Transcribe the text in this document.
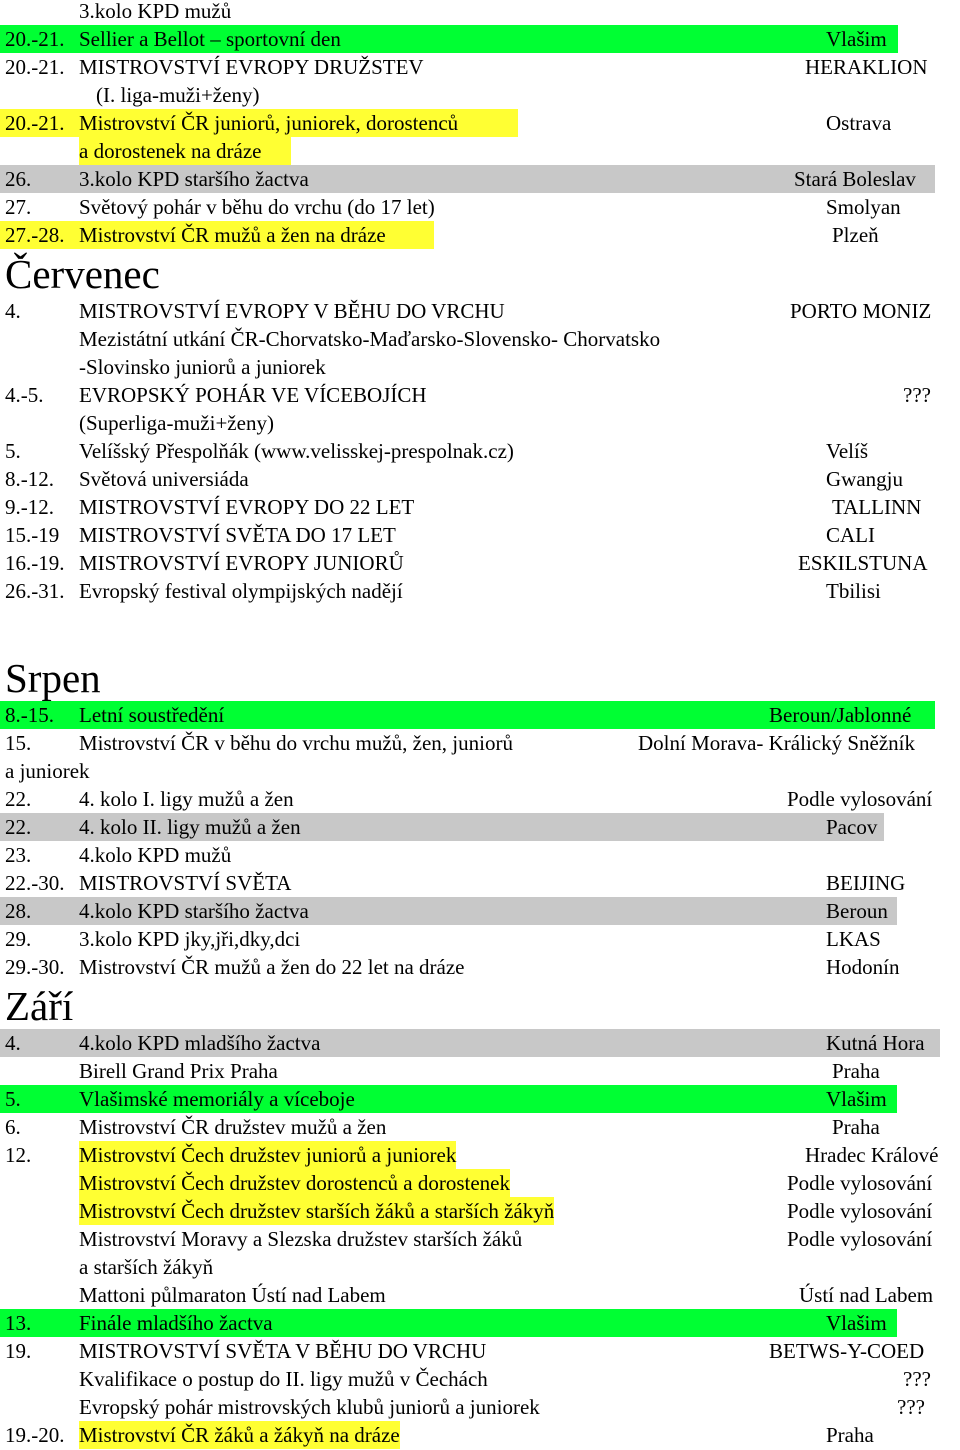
3.kolo KPD mužů
20.-21. Sellier a Bellot – sportovní den	Vlašim
20.-21. MISTROVSTVÍ EVROPY DRUŽSTEV	HERAKLION
(I. liga-muži+ženy)
20.-21. Mistrovství ČR juniorů, juniorek, dorostenců	Ostrava
a dorostenek na dráze
26. 3.kolo KPD staršího žactva	Stará Boleslav
27. Světový pohár v běhu do vrchu (do 17 let)	Smolyan
27.-28. Mistrovství ČR mužů a žen na dráze	Plzeň
Červenec
4.	MISTROVSTVÍ EVROPY V BĚHU DO VRCHU	PORTO MONIZ
Mezistátní utkání ČR-Chorvatsko-Maďarsko-Slovensko- Chorvatsko
-Slovinsko juniorů a juniorek
4.-5. EVROPSKÝ POHÁR VE VÍCEBOJÍCH	???
(Superliga-muži+ženy)
5.	Velíšský Přespolňák (www.velisskej-prespolnak.cz)	Velíš
8.-12. Světová universiáda	Gwangju
9.-12. MISTROVSTVÍ EVROPY DO 22 LET	TALLINN
15.-19 MISTROVSTVÍ SVĚTA DO 17 LET	CALI
16.-19. MISTROVSTVÍ EVROPY JUNIORŮ	ESKILSTUNA
26.-31. Evropský festival olympijských nadějí	Tbilisi
Srpen
8.-15. Letní soustředění	Beroun/Jablonné
15. Mistrovství ČR v běhu do vrchu mužů, žen, juniorů	Dolní Morava- Králický Sněžník
a juniorek
22. 4. kolo I. ligy mužů a žen	Podle vylosování
22. 4. kolo II. ligy mužů a žen	Pacov
23. 4.kolo KPD mužů
22.-30. MISTROVSTVÍ SVĚTA	BEIJING
28. 4.kolo KPD staršího žactva	Beroun
29. 3.kolo KPD jky,jři,dky,dci	LKAS
29.-30. Mistrovství ČR mužů a žen do 22 let na dráze	Hodonín
Září
4.	4.kolo KPD mladšího žactva	Kutná Hora
Birell Grand Prix Praha	Praha
5.	Vlašimské memoriály a víceboje	Vlašim
6.	Mistrovství ČR družstev mužů a žen	Praha
12. Mistrovství Čech družstev juniorů a juniorek	Hradec Králové
Mistrovství Čech družstev dorostenců a dorostenek	Podle vylosování
Mistrovství Čech družstev starších žáků a starších žákyň	Podle vylosování
Mistrovství Moravy a Slezska družstev starších žáků	Podle vylosování
a starších žákyň
Mattoni půlmaraton Ústí nad Labem	Ústí nad Labem
13. Finále mladšího žactva	Vlašim
19. MISTROVSTVÍ SVĚTA V BĚHU DO VRCHU	BETWS-Y-COED
Kvalifikace o postup do II. ligy mužů v Čechách	???
Evropský pohár mistrovských klubů juniorů a juniorek	???
19.-20. Mistrovství ČR žáků a žákyň na dráze	Praha
